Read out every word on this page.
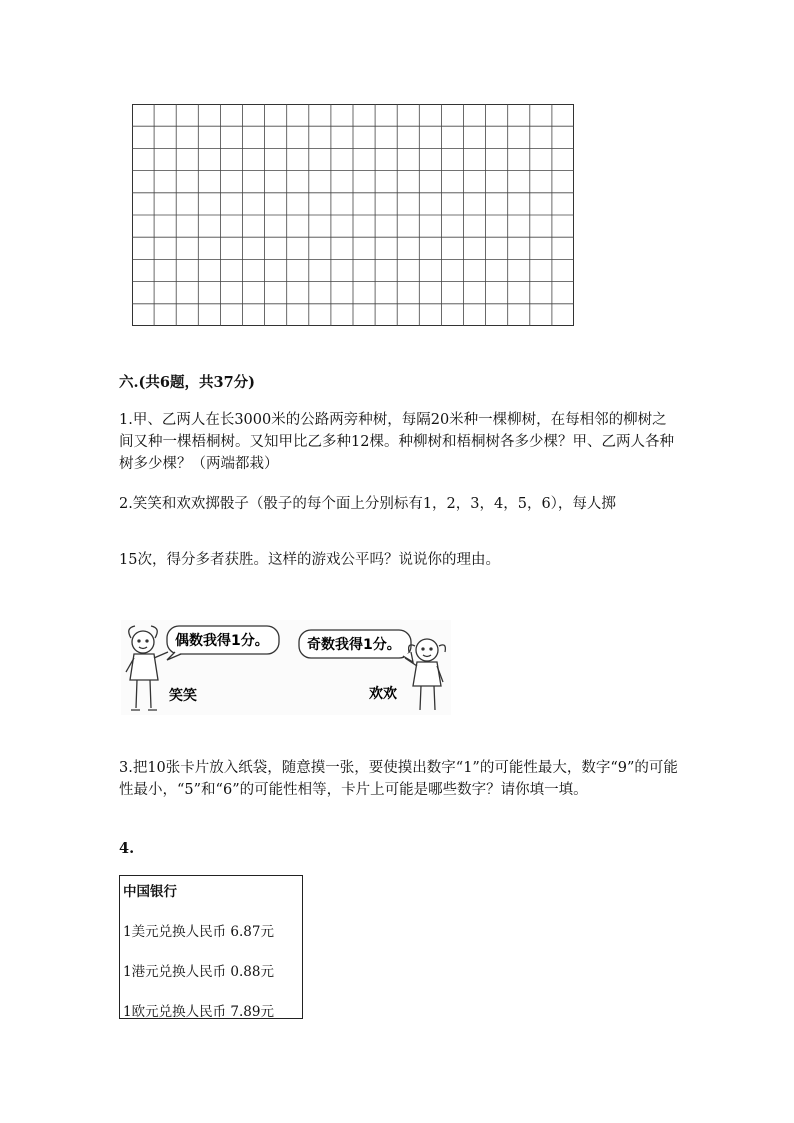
六.(共6题，共37分)
1.甲、乙两人在长3000米的公路两旁种树，每隔20米种一棵柳树，在每相邻的柳树之间又种一棵梧桐树。又知甲比乙多种12棵。种柳树和梧桐树各多少棵？甲、乙两人各种树多少棵？（两端都栽）
2.笑笑和欢欢掷骰子（骰子的每个面上分别标有1，2，3，4，5，6），每人掷
15次，得分多者获胜。这样的游戏公平吗？说说你的理由。
偶数我得1分。	奇数我得1分。
笑笑	欢欢
3.把10张卡片放入纸袋，随意摸一张，要使摸出数字“1”的可能性最大，数字“9”的可能性最小，“5”和“6”的可能性相等，卡片上可能是哪些数字？请你填一填。
4.
中国银行
1美元兑换人民币 6.87元
1港元兑换人民币 0.88元
1欧元兑换人民币 7.89元
